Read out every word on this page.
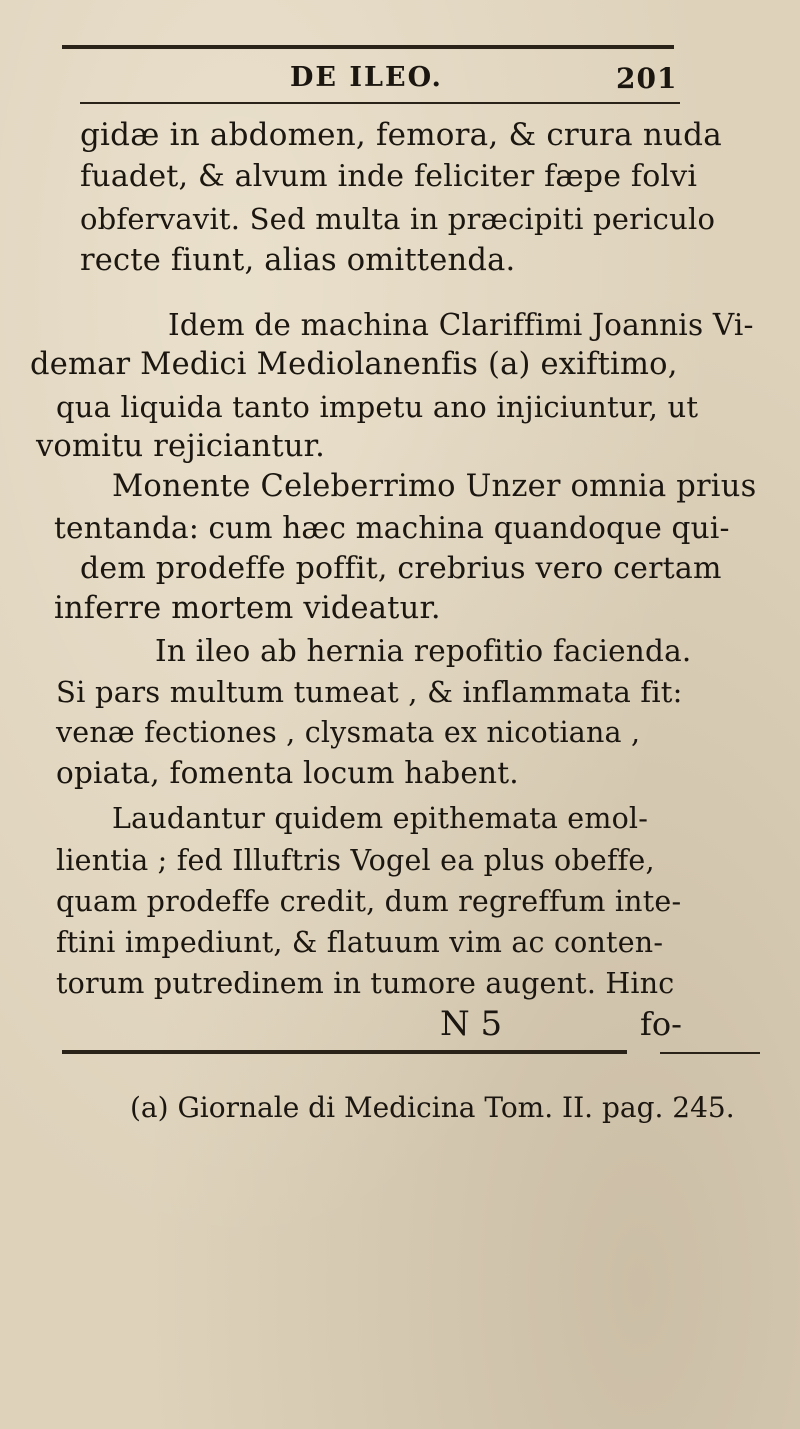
DE ILEO.	201
gidæ in abdomen, femora, & crura nuda
fuadet, & alvum inde feliciter fæpe folvi
obfervavit. Sed multa in præcipiti periculo
recte fiunt, alias omittenda.
Idem de machina Clariffimi Joannis Vi-
demar Medici Mediolanenfis (a) exiftimo,
qua liquida tanto impetu ano injiciuntur, ut
vomitu rejiciantur.
Monente Celeberrimo Unzer omnia prius
tentanda: cum hæc machina quandoque qui-
dem prodeffe poffit, crebrius vero certam
inferre mortem videatur.
In ileo ab hernia repofitio facienda.
Si pars multum tumeat , & inflammata fit:
venæ fectiones , clysmata ex nicotiana ,
opiata, fomenta locum habent.
Laudantur quidem epithemata emol-
lientia ; fed Illuftris Vogel ea plus obeffe,
quam prodeffe credit, dum regreffum inte-
ftini impediunt, & flatuum vim ac conten-
torum putredinem in tumore augent. Hinc
(a) Giornale di Medicina Tom. II. pag. 245.
N 5	fo-
